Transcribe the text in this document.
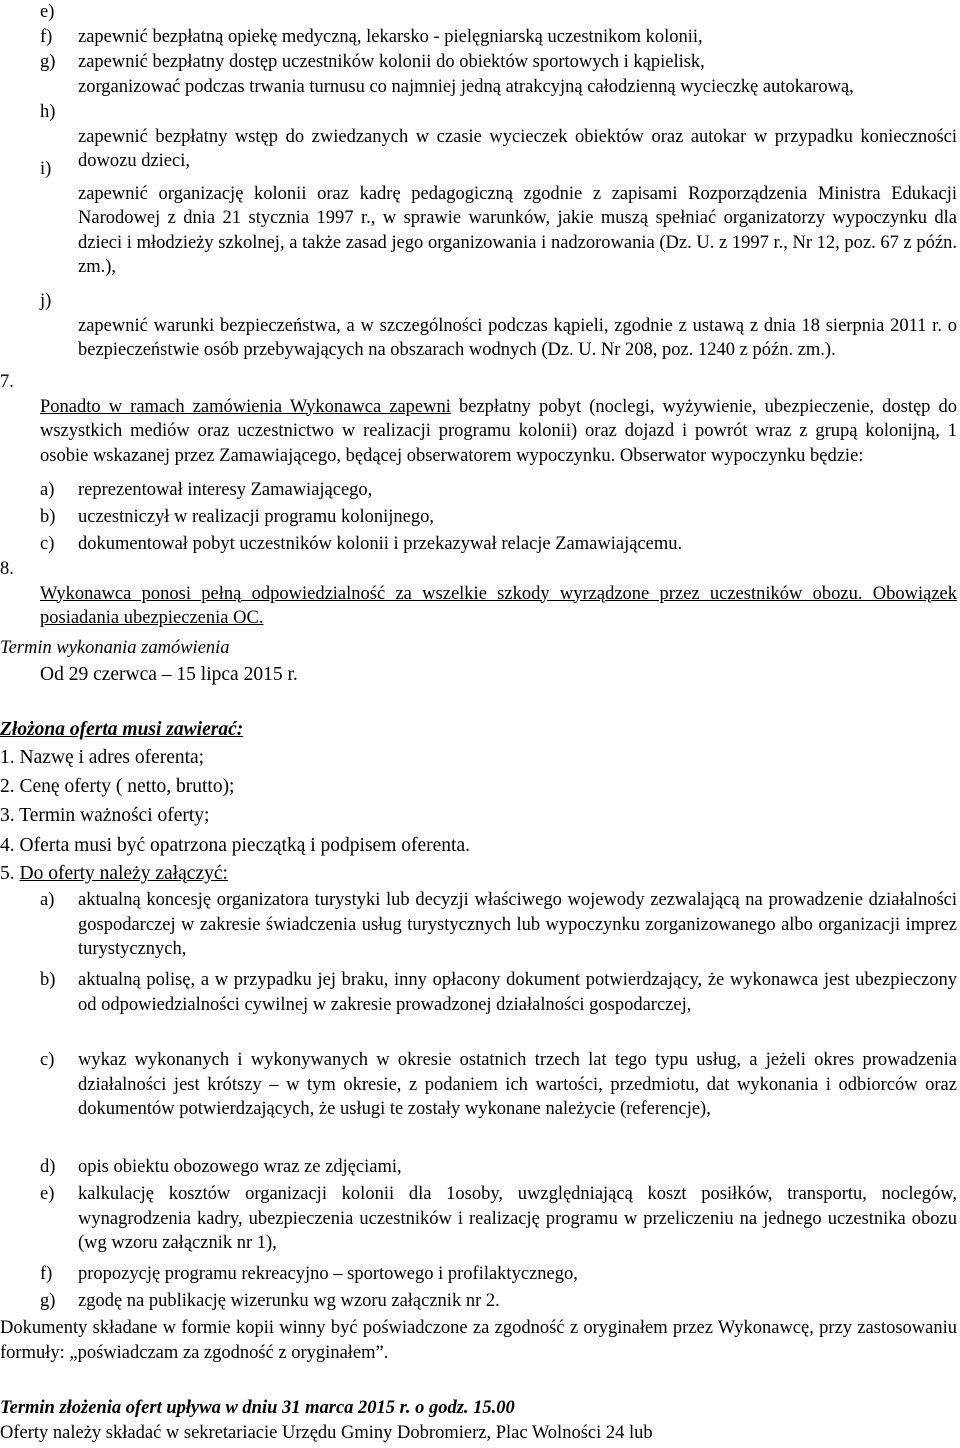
e)
zapewnić bezpłatną opiekę medyczną, lekarsko - pielęgniarską uczestnikom kolonii,
f)
zapewnić bezpłatny dostęp uczestników kolonii do obiektów sportowych i kąpielisk,
g)
zorganizować podczas trwania turnusu co najmniej jedną atrakcyjną całodzienną wycieczkę autokarową,
h)
zapewnić bezpłatny wstęp do zwiedzanych w czasie wycieczek obiektów oraz autokar w przypadku konieczności dowozu dzieci,
i)
zapewnić organizację kolonii oraz kadrę pedagogiczną zgodnie z zapisami Rozporządzenia Ministra Edukacji Narodowej z dnia 21 stycznia 1997 r., w sprawie warunków, jakie muszą spełniać organizatorzy wypoczynku dla dzieci i młodzieży szkolnej, a także zasad jego organizowania i nadzorowania (Dz. U. z 1997 r., Nr 12, poz. 67 z późn. zm.),
j)
zapewnić warunki bezpieczeństwa, a w szczególności podczas kąpieli, zgodnie z ustawą z dnia 18 sierpnia 2011 r. o bezpieczeństwie osób przebywających na obszarach wodnych (Dz. U. Nr 208, poz. 1240 z późn. zm.).
7.
Ponadto w ramach zamówienia Wykonawca zapewni bezpłatny pobyt (noclegi, wyżywienie, ubezpieczenie, dostęp do wszystkich mediów oraz uczestnictwo w realizacji programu kolonii) oraz dojazd i powrót wraz z grupą kolonijną, 1 osobie wskazanej przez Zamawiającego, będącej obserwatorem wypoczynku. Obserwator wypoczynku będzie:
a) reprezentował interesy Zamawiającego,
b) uczestniczył w realizacji programu kolonijnego,
c) dokumentował pobyt uczestników kolonii i przekazywał relacje Zamawiającemu.
8.
Wykonawca ponosi pełną odpowiedzialność za wszelkie szkody wyrządzone przez uczestników obozu. Obowiązek posiadania ubezpieczenia OC.
Termin wykonania zamówienia
Od 29 czerwca – 15 lipca 2015 r.
Złożona oferta musi zawierać:
1. Nazwę i adres oferenta;
2. Cenę oferty ( netto, brutto);
3. Termin ważności oferty;
4. Oferta musi być opatrzona pieczątką i podpisem oferenta.
5. Do oferty należy załączyć:
a) aktualną koncesję organizatora turystyki lub decyzji właściwego wojewody zezwalającą na prowadzenie działalności gospodarczej w zakresie świadczenia usług turystycznych lub wypoczynku zorganizowanego albo organizacji imprez turystycznych,
b) aktualną polisę, a w przypadku jej braku, inny opłacony dokument potwierdzający, że wykonawca jest ubezpieczony od odpowiedzialności cywilnej w zakresie prowadzonej działalności gospodarczej,
c) wykaz wykonanych i wykonywanych w okresie ostatnich trzech lat tego typu usług, a jeżeli okres prowadzenia działalności jest krótszy – w tym okresie, z podaniem ich wartości, przedmiotu, dat wykonania i odbiorców oraz dokumentów potwierdzających, że usługi te zostały wykonane należycie (referencje),
d) opis obiektu obozowego wraz ze zdjęciami,
e) kalkulację kosztów organizacji kolonii dla 1osoby, uwzględniającą koszt posiłków, transportu, noclegów, wynagrodzenia kadry, ubezpieczenia uczestników i realizację programu w przeliczeniu na jednego uczestnika obozu (wg wzoru załącznik nr 1),
f) propozycję programu rekreacyjno – sportowego i profilaktycznego,
g) zgodę na publikację wizerunku wg wzoru załącznik nr 2.
Dokumenty składane w formie kopii winny być poświadczone za zgodność z oryginałem przez Wykonawcę, przy zastosowaniu formuły: „poświadczam za zgodność z oryginałem”.
Termin złożenia ofert upływa w dniu 31 marca 2015 r. o godz. 15.00
Oferty należy składać w sekretariacie Urzędu Gminy Dobromierz, Plac Wolności 24 lub
